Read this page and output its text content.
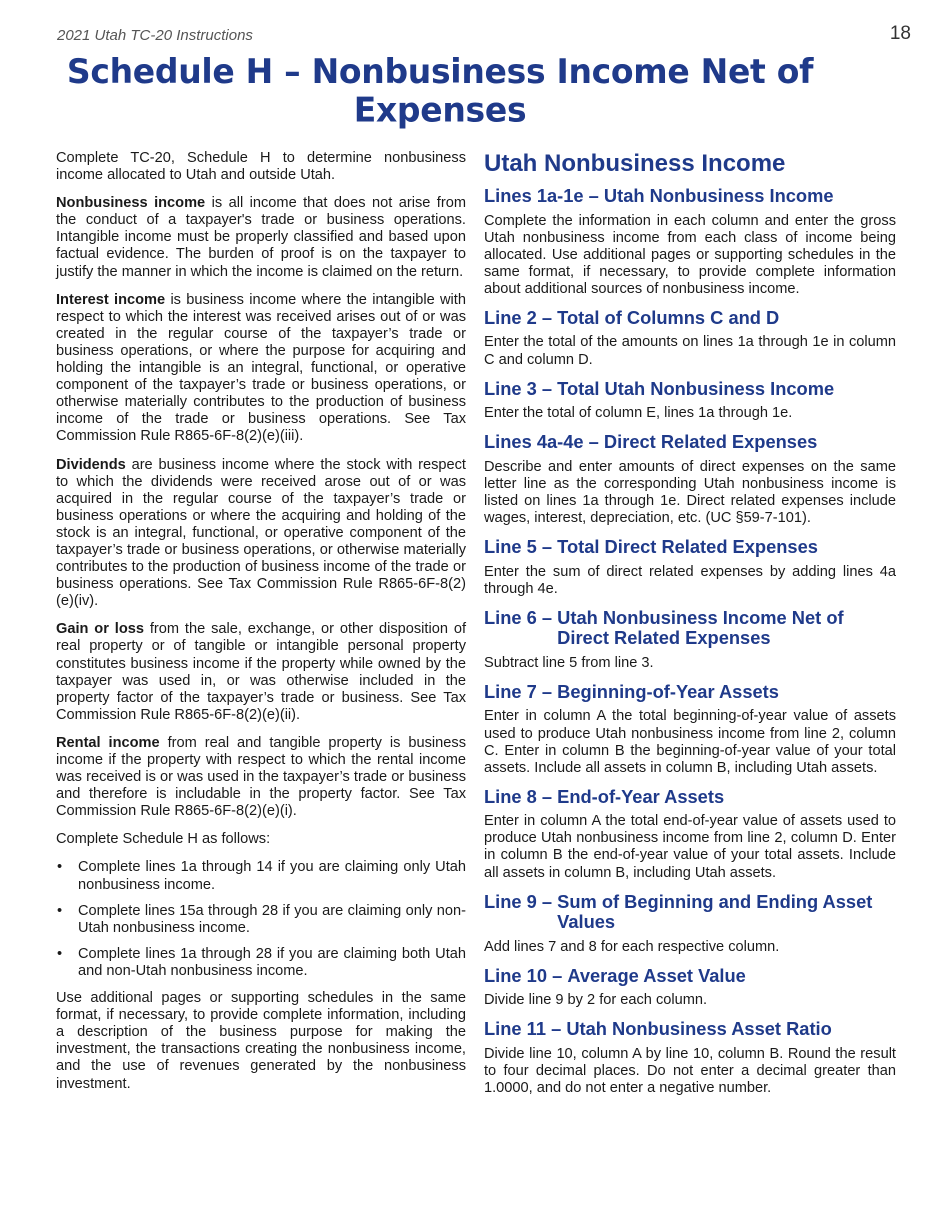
2021 Utah TC-20 Instructions	18
Schedule H – Nonbusiness Income Net of
Expenses

Complete TC-20, Schedule H to determine nonbusiness income allocated to Utah and outside Utah.

Nonbusiness income is all income that does not arise from the conduct of a taxpayer's trade or business operations. Intangible income must be properly classified and based upon factual evidence. The burden of proof is on the taxpayer to justify the manner in which the income is claimed on the return.

Interest income is business income where the intangible with respect to which the interest was received arises out of or was created in the regular course of the taxpayer’s trade or business operations, or where the purpose for acquiring and holding the intangible is an integral, functional, or operative component of the taxpayer’s trade or business operations, or otherwise materially contributes to the production of business income of the trade or business operations. See Tax Commission Rule R865-6F-8(2)(e)(iii).

Dividends are business income where the stock with respect to which the dividends were received arose out of or was acquired in the regular course of the taxpayer’s trade or business operations or where the acquiring and holding of the stock is an integral, functional, or operative component of the taxpayer’s trade or business operations, or otherwise materially contributes to the production of business income of the trade or business operations. See Tax Commission Rule R865-6F-8(2)(e)(iv).

Gain or loss from the sale, exchange, or other disposition of real property or of tangible or intangible personal property constitutes business income if the property while owned by the taxpayer was used in, or was otherwise included in the property factor of the taxpayer’s trade or business. See Tax Commission Rule R865-6F-8(2)(e)(ii).

Rental income from real and tangible property is business income if the property with respect to which the rental income was received is or was used in the taxpayer’s trade or business and therefore is includable in the property factor. See Tax Commission Rule R865-6F-8(2)(e)(i).

Complete Schedule H as follows:

• Complete lines 1a through 14 if you are claiming only Utah nonbusiness income.
• Complete lines 15a through 28 if you are claiming only non-Utah nonbusiness income.
• Complete lines 1a through 28 if you are claiming both Utah and non-Utah nonbusiness income.

Use additional pages or supporting schedules in the same format, if necessary, to provide complete information, including a description of the business purpose for making the investment, the transactions creating the nonbusiness income, and the use of revenues generated by the nonbusiness investment.

Utah Nonbusiness Income
Lines 1a-1e – Utah Nonbusiness Income

Complete the information in each column and enter the gross Utah nonbusiness income from each class of income being allocated. Use additional pages or supporting schedules in the same format, if necessary, to provide complete information about additional sources of nonbusiness income.

Line 2 – Total of Columns C and D

Enter the total of the amounts on lines 1a through 1e in column C and column D.

Line 3 – Total Utah Nonbusiness Income

Enter the total of column E, lines 1a through 1e.

Lines 4a-4e – Direct Related Expenses

Describe and enter amounts of direct expenses on the same letter line as the corresponding Utah nonbusiness income is listed on lines 1a through 1e. Direct related expenses include wages, interest, depreciation, etc. (UC §59-7-101).

Line 5 – Total Direct Related Expenses

Enter the sum of direct related expenses by adding lines 4a through 4e.

Line 6 – Utah Nonbusiness Income Net of Direct Related Expenses

Subtract line 5 from line 3.

Line 7 – Beginning-of-Year Assets

Enter in column A the total beginning-of-year value of assets used to produce Utah nonbusiness income from line 2, column C. Enter in column B the beginning-of-year value of your total assets. Include all assets in column B, including Utah assets.

Line 8 – End-of-Year Assets

Enter in column A the total end-of-year value of assets used to produce Utah nonbusiness income from line 2, column D. Enter in column B the end-of-year value of your total assets. Include all assets in column B, including Utah assets.

Line 9 – Sum of Beginning and Ending Asset Values

Add lines 7 and 8 for each respective column.

Line 10 – Average Asset Value

Divide line 9 by 2 for each column.

Line 11 – Utah Nonbusiness Asset Ratio

Divide line 10, column A by line 10, column B. Round the result to four decimal places. Do not enter a decimal greater than 1.0000, and do not enter a negative number.
